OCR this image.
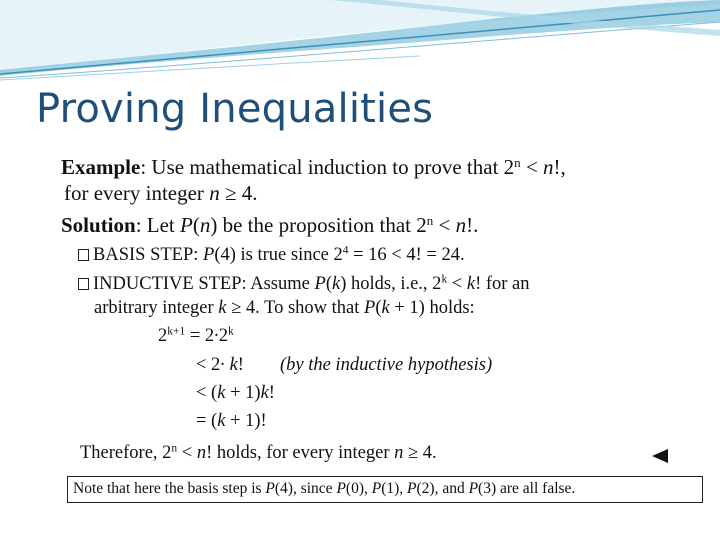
Proving Inequalities
Example: Use mathematical induction to prove that $2^n < n$!,
for every integer n ≥ 4.
Solution: Let P(n) be the proposition that $2^n < n$!.
BASIS STEP: P(4) is true since $2^4 = 16 < 4$! = 24.
INDUCTIVE STEP: Assume P(k) holds, i.e., $2^k < k$! for an
arbitrary integer k ≥ 4. To show that P(k + 1) holds:
$2^{k+1} = 2\cdot 2^k$
< 2∙ k! (by the inductive hypothesis)
< (k + 1)k!
= (k + 1)!
Therefore, $2^n < n$! holds, for every integer n ≥ 4.
Note that here the basis step is P(4), since P(0), P(1), P(2), and P(3) are all false.
